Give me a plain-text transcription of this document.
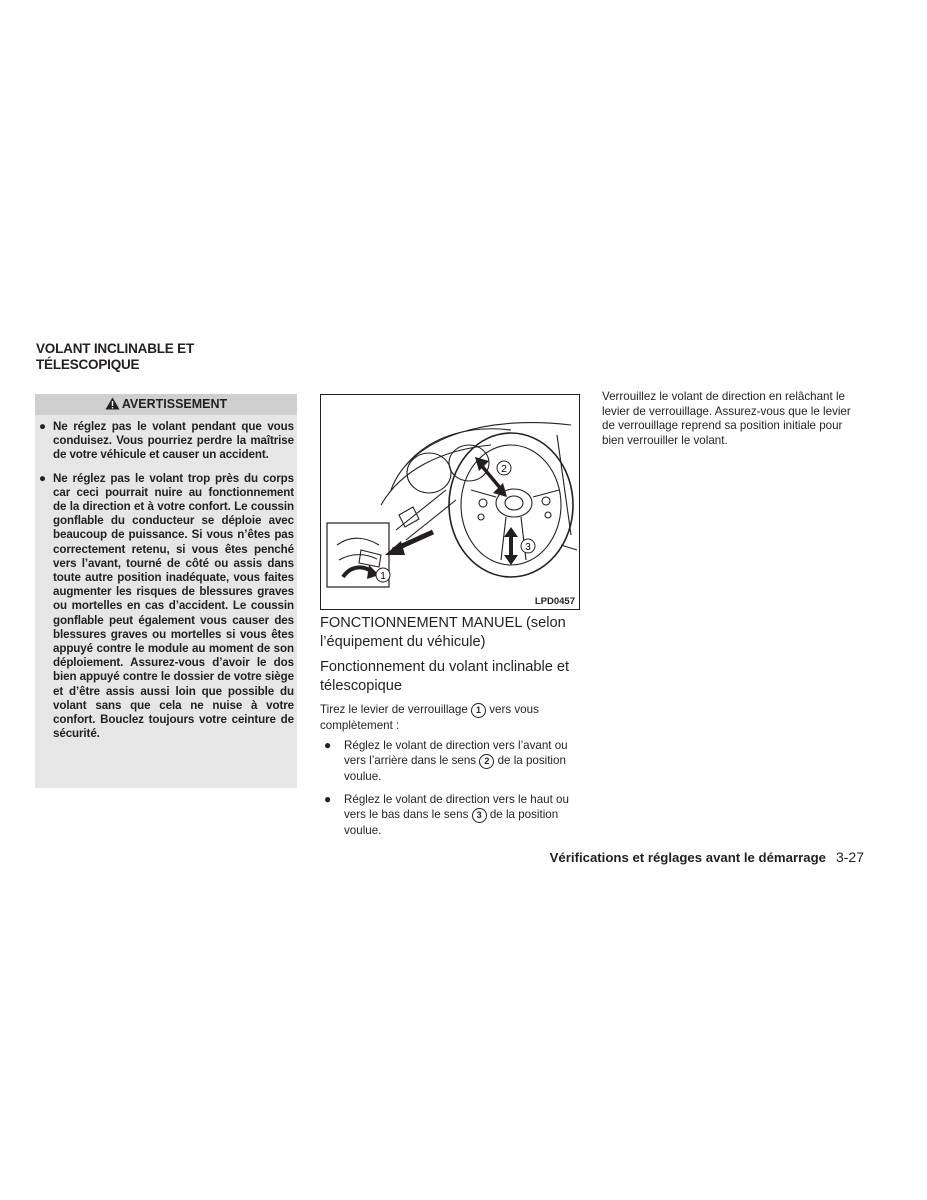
VOLANT INCLINABLE ET
TÉLESCOPIQUE
AVERTISSEMENT
● Ne réglez pas le volant pendant que vous conduisez. Vous pourriez perdre la maîtrise de votre véhicule et causer un accident.
● Ne réglez pas le volant trop près du corps car ceci pourrait nuire au fonctionnement de la direction et à votre confort. Le coussin gonflable du conducteur se déploie avec beaucoup de puissance. Si vous n’êtes pas correctement retenu, si vous êtes penché vers l’avant, tourné de côté ou assis dans toute autre position inadéquate, vous faites augmenter les risques de blessures graves ou mortelles en cas d’accident. Le coussin gonflable peut également vous causer des blessures graves ou mortelles si vous êtes appuyé contre le module au moment de son déploiement. Assurez-vous d’avoir le dos bien appuyé contre le dossier de votre siège et d’être assis aussi loin que possible du volant sans que cela ne nuise à votre confort. Bouclez toujours votre ceinture de sécurité.
1
2
3
LPD0457
FONCTIONNEMENT MANUEL (selon l’équipement du véhicule)
Fonctionnement du volant inclinable et télescopique
Tirez le levier de verrouillage 1 vers vous complètement :
● Réglez le volant de direction vers l’avant ou vers l’arrière dans le sens 2 de la position voulue.
● Réglez le volant de direction vers le haut ou vers le bas dans le sens 3 de la position voulue.
Verrouillez le volant de direction en relâchant le levier de verrouillage. Assurez-vous que le levier de verrouillage reprend sa position initiale pour bien verrouiller le volant.
Vérifications et réglages avant le démarrage 3-27
